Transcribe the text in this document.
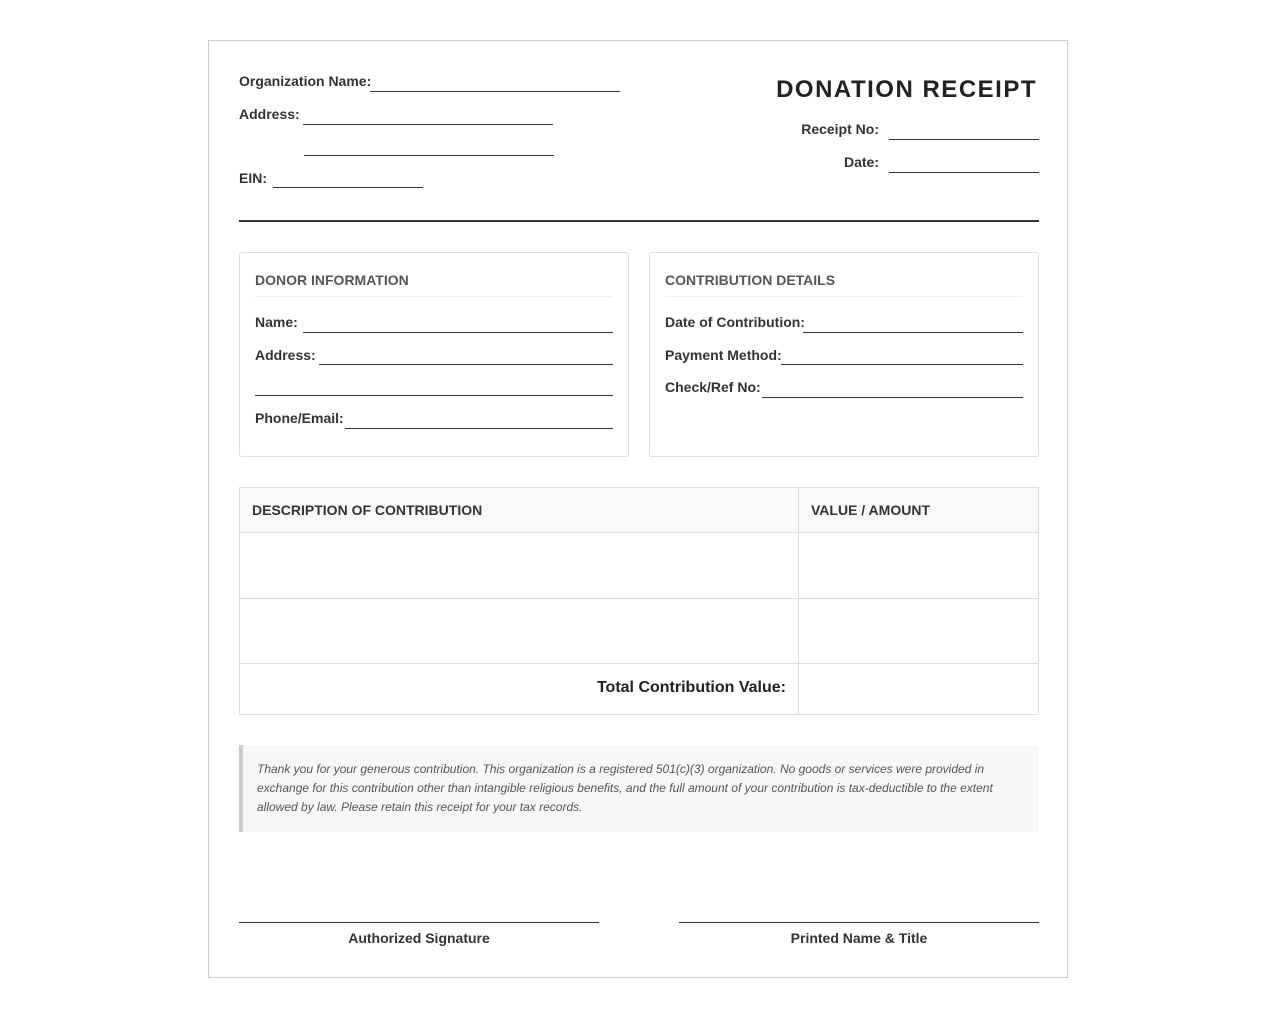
Organization Name:
Address:
EIN:
DONATION RECEIPT
Receipt No:
Date:
DONOR INFORMATION
Name:
Address:
Phone/Email:
CONTRIBUTION DETAILS
Date of Contribution:
Payment Method:
Check/Ref No:
DESCRIPTION OF CONTRIBUTION	VALUE / AMOUNT
Total Contribution Value:
Thank you for your generous contribution. This organization is a registered 501(c)(3) organization. No goods or services were provided in exchange for this contribution other than intangible religious benefits, and the full amount of your contribution is tax-deductible to the extent allowed by law. Please retain this receipt for your tax records.
Authorized Signature	Printed Name & Title
